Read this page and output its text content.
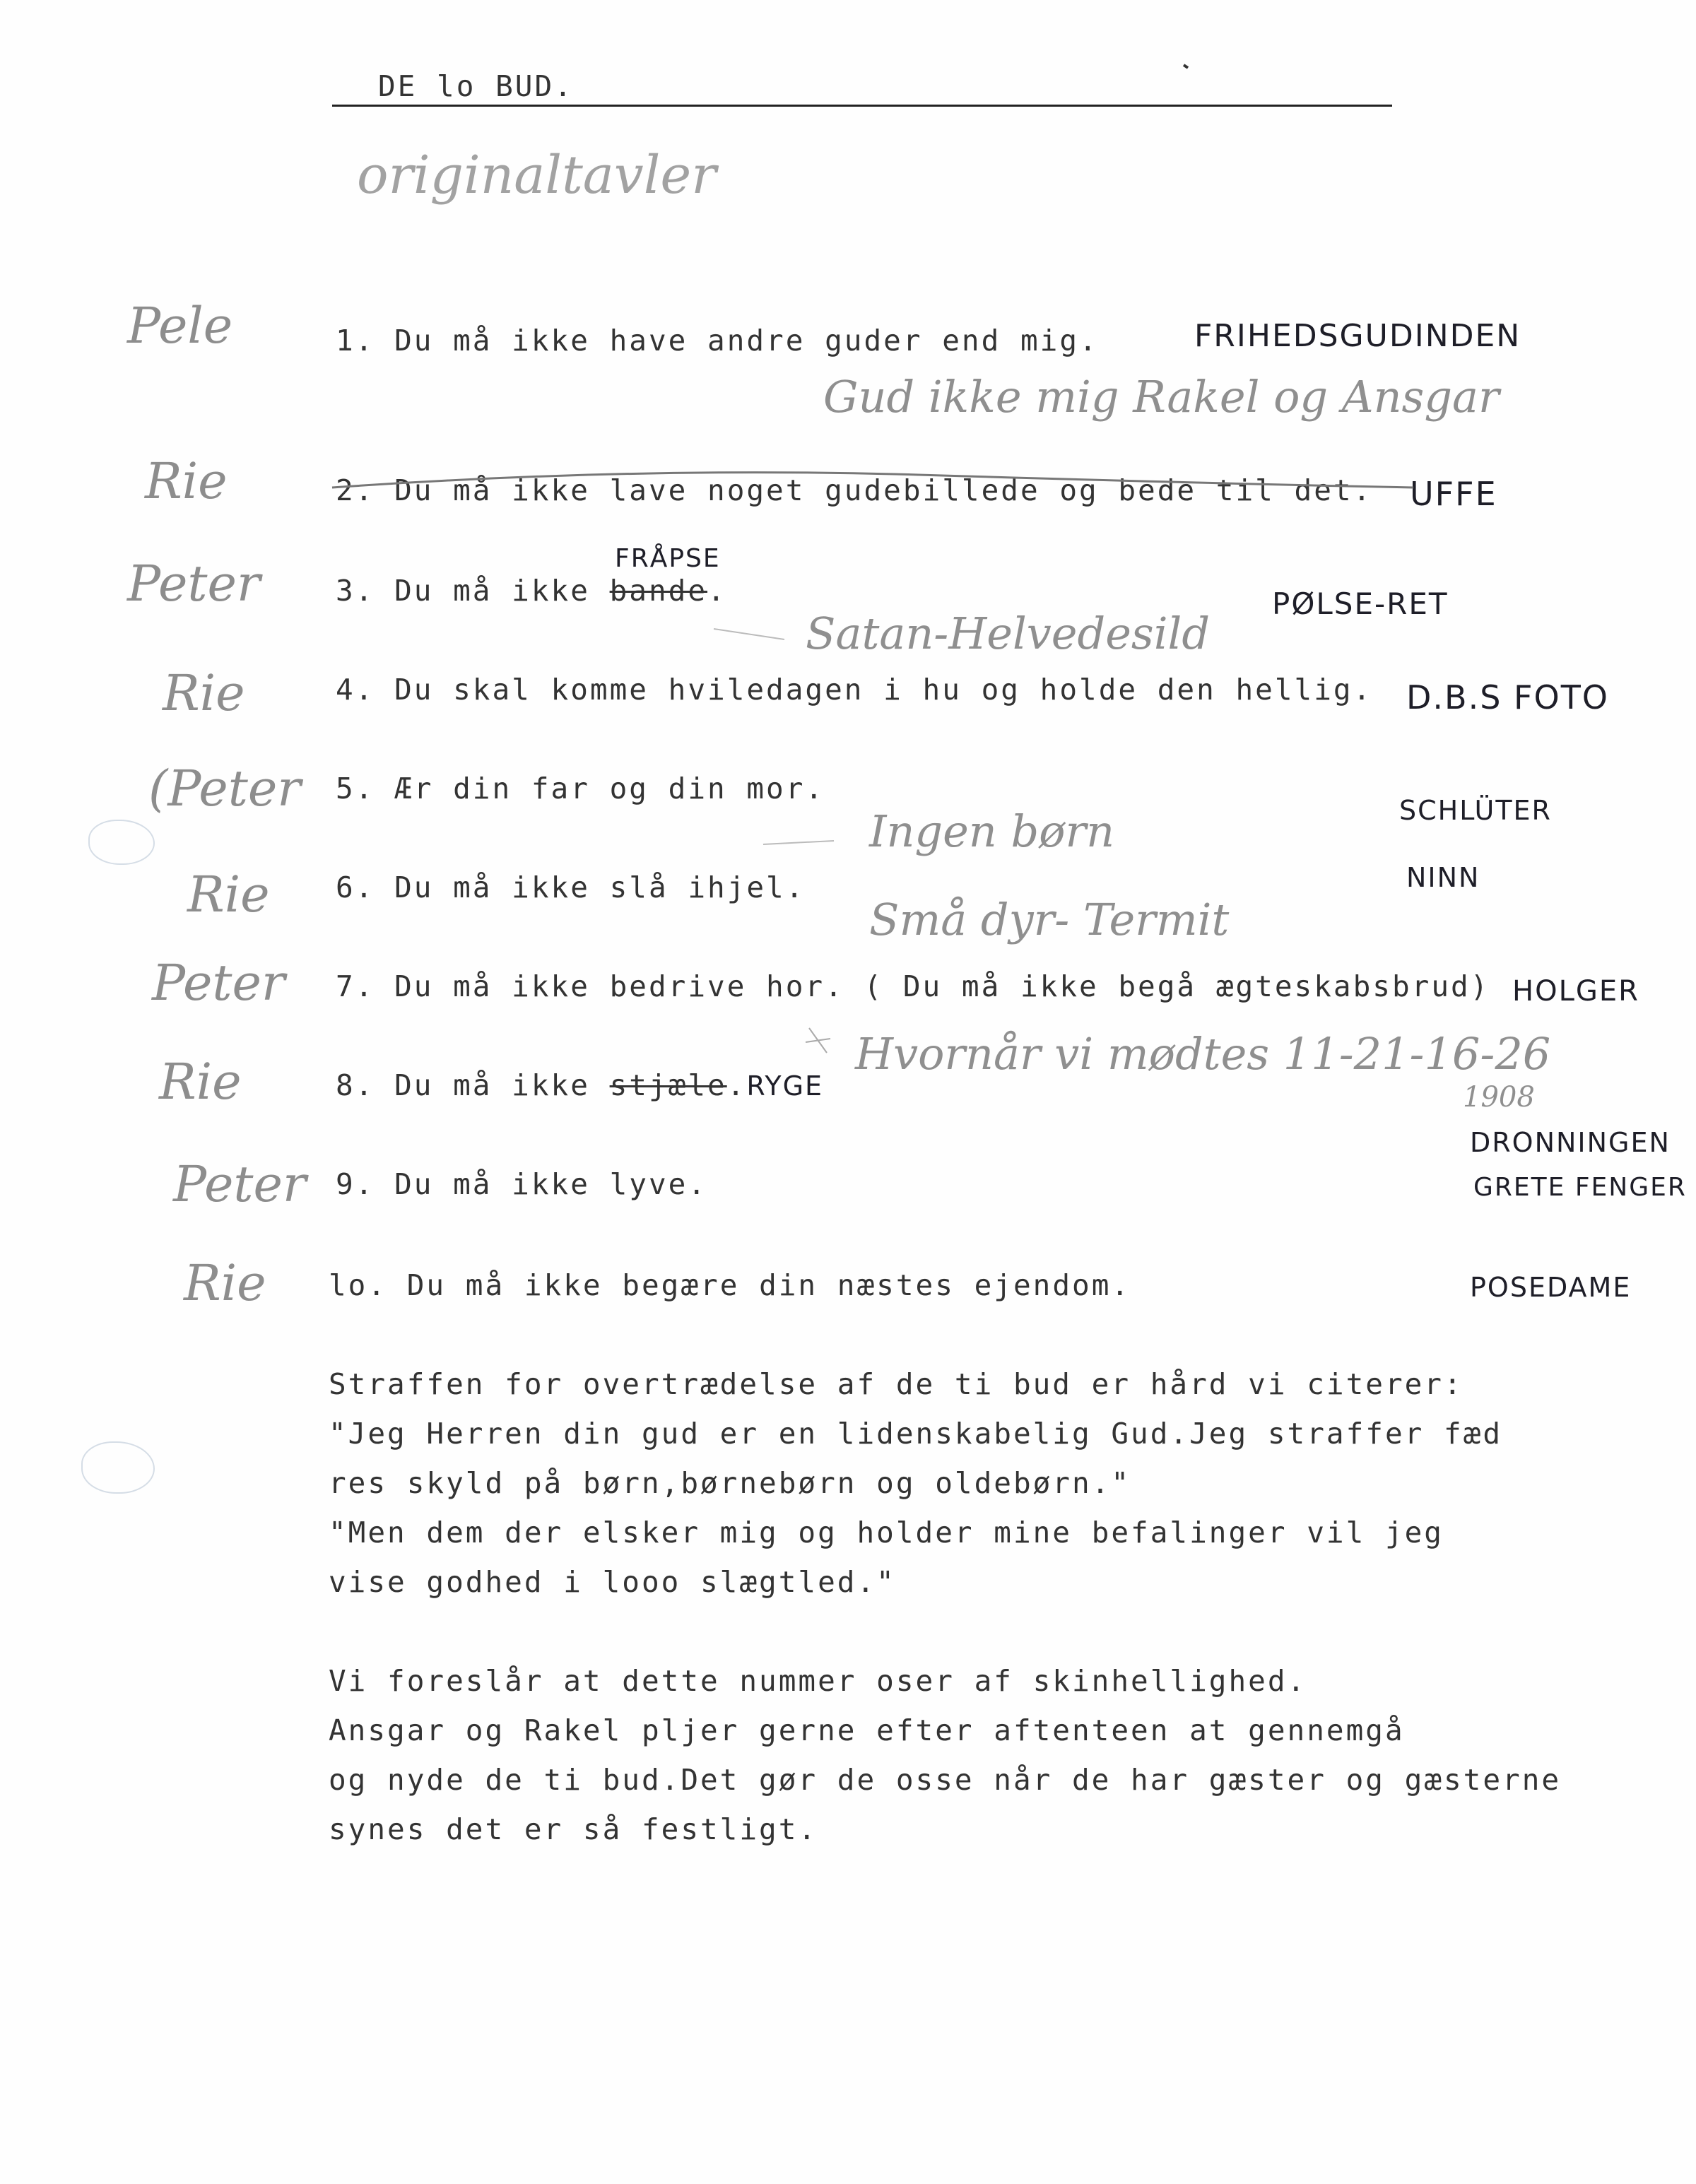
DE lo BUD.
originaltavler
Pele	1. Du må ikke have andre guder end mig.	FRIHEDSGUDINDEN
Gud ikke mig Rakel og Ansgar
Rie	2. Du må ikke lave noget gudebillede og bede til det. UFFE
FRÅPSE
Peter	3. Du må ikke bande.	PØLSE-RET
Satan-Helvedesild
Rie	4. Du skal komme hviledagen i hu og holde den hellig. D.B.S FOTO
(Peter 5. Ær din far og din mor.
SCHLÜTER
Ingen børn
Rie 6. Du må ikke slå ihjel.	NINN
Små dyr- Termit
Peter 7. Du må ikke bedrive hor. ( Du må ikke begå ægteskabsbrud) HOLGER
Hvornår vi mødtes 11-21-16-26
1908
Rie	8. Du må ikke stjæle.RYGE
DRONNINGEN
Peter 9. Du må ikke lyve.	GRETE FENGER
Rie lo. Du må ikke begære din næstes ejendom.	POSEDAME
Straffen for overtrædelse af de ti bud er hård vi citerer:
"Jeg Herren din gud er en lidenskabelig Gud.Jeg straffer fæd
res skyld på børn,børnebørn og oldebørn."
"Men dem der elsker mig og holder mine befalinger vil jeg
vise godhed i looo slægtled."
Vi foreslår at dette nummer oser af skinhellighed.
Ansgar og Rakel pljer gerne efter aftenteen at gennemgå
og nyde de ti bud.Det gør de osse når de har gæster og gæsterne
synes det er så festligt.
